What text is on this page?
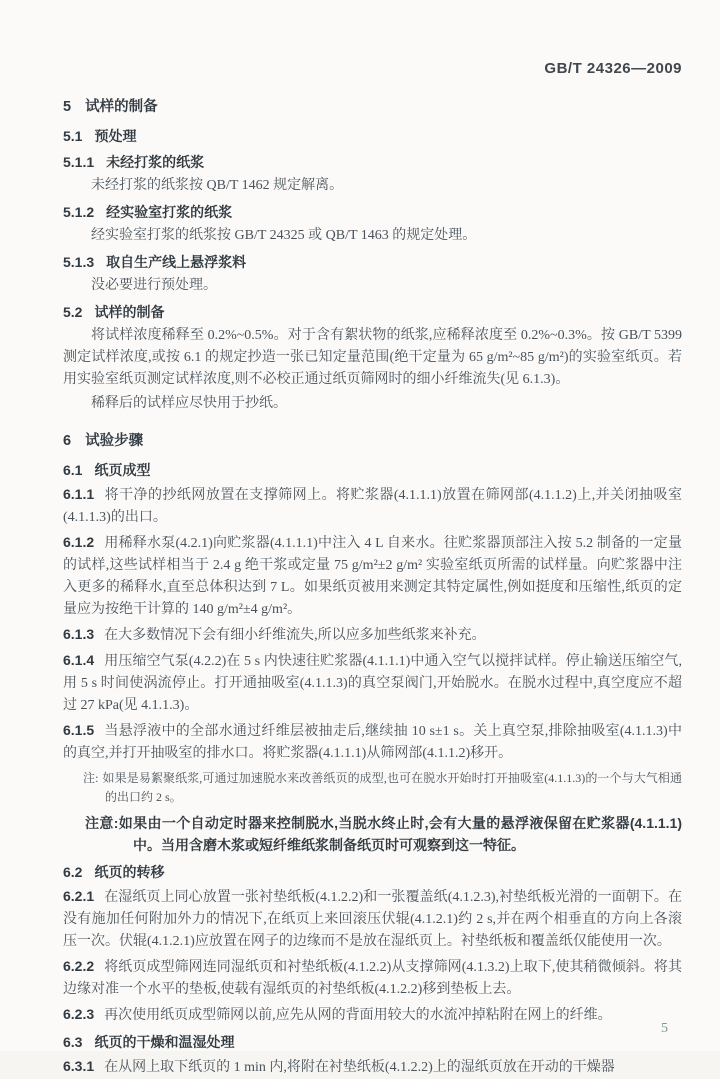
GB/T 24326—2009

5 试样的制备

5.1 预处理

5.1.1 未经打浆的纸浆

未经打浆的纸浆按 QB/T 1462 规定解离。

5.1.2 经实验室打浆的纸浆

经实验室打浆的纸浆按 GB/T 24325 或 QB/T 1463 的规定处理。

5.1.3 取自生产线上悬浮浆料

没必要进行预处理。

5.2 试样的制备

将试样浓度稀释至 0.2%~0.5%。对于含有絮状物的纸浆,应稀释浓度至 0.2%~0.3%。按 GB/T 5399 测定试样浓度,或按 6.1 的规定抄造一张已知定量范围(绝干定量为 65 g/m²~85 g/m²)的实验室纸页。若用实验室纸页测定试样浓度,则不必校正通过纸页筛网时的细小纤维流失(见 6.1.3)。

稀释后的试样应尽快用于抄纸。

6 试验步骤

6.1 纸页成型

6.1.1 将干净的抄纸网放置在支撑筛网上。将贮浆器(4.1.1.1)放置在筛网部(4.1.1.2)上,并关闭抽吸室(4.1.1.3)的出口。

6.1.2 用稀释水泵(4.2.1)向贮浆器(4.1.1.1)中注入 4 L 自来水。往贮浆器顶部注入按 5.2 制备的一定量的试样,这些试样相当于 2.4 g 绝干浆或定量 75 g/m²±2 g/m² 实验室纸页所需的试样量。向贮浆器中注入更多的稀释水,直至总体积达到 7 L。如果纸页被用来测定其特定属性,例如挺度和压缩性,纸页的定量应为按绝干计算的 140 g/m²±4 g/m²。

6.1.3 在大多数情况下会有细小纤维流失,所以应多加些纸浆来补充。

6.1.4 用压缩空气泵(4.2.2)在 5 s 内快速往贮浆器(4.1.1.1)中通入空气以搅拌试样。停止输送压缩空气,用 5 s 时间使涡流停止。打开通抽吸室(4.1.1.3)的真空泵阀门,开始脱水。在脱水过程中,真空度应不超过 27 kPa(见 4.1.1.3)。

6.1.5 当悬浮液中的全部水通过纤维层被抽走后,继续抽 10 s±1 s。关上真空泵,排除抽吸室(4.1.1.3)中的真空,并打开抽吸室的排水口。将贮浆器(4.1.1.1)从筛网部(4.1.1.2)移开。

注: 如果是易絮聚纸浆,可通过加速脱水来改善纸页的成型,也可在脱水开始时打开抽吸室(4.1.1.3)的一个与大气相通的出口约 2 s。

注意:如果由一个自动定时器来控制脱水,当脱水终止时,会有大量的悬浮液保留在贮浆器(4.1.1.1)中。当用含磨木浆或短纤维纸浆制备纸页时可观察到这一特征。

6.2 纸页的转移

6.2.1 在湿纸页上同心放置一张衬垫纸板(4.1.2.2)和一张覆盖纸(4.1.2.3),衬垫纸板光滑的一面朝下。在没有施加任何附加外力的情况下,在纸页上来回滚压伏辊(4.1.2.1)约 2 s,并在两个相垂直的方向上各滚压一次。伏辊(4.1.2.1)应放置在网子的边缘而不是放在湿纸页上。衬垫纸板和覆盖纸仅能使用一次。

6.2.2 将纸页成型筛网连同湿纸页和衬垫纸板(4.1.2.2)从支撑筛网(4.1.3.2)上取下,使其稍微倾斜。将其边缘对准一个水平的垫板,使载有湿纸页的衬垫纸板(4.1.2.2)移到垫板上去。

6.2.3 再次使用纸页成型筛网以前,应先从网的背面用较大的水流冲掉粘附在网上的纤维。

6.3 纸页的干燥和温湿处理

6.3.1 在从网上取下纸页的 1 min 内,将附在衬垫纸板(4.1.2.2)上的湿纸页放在开动的干燥器

5
